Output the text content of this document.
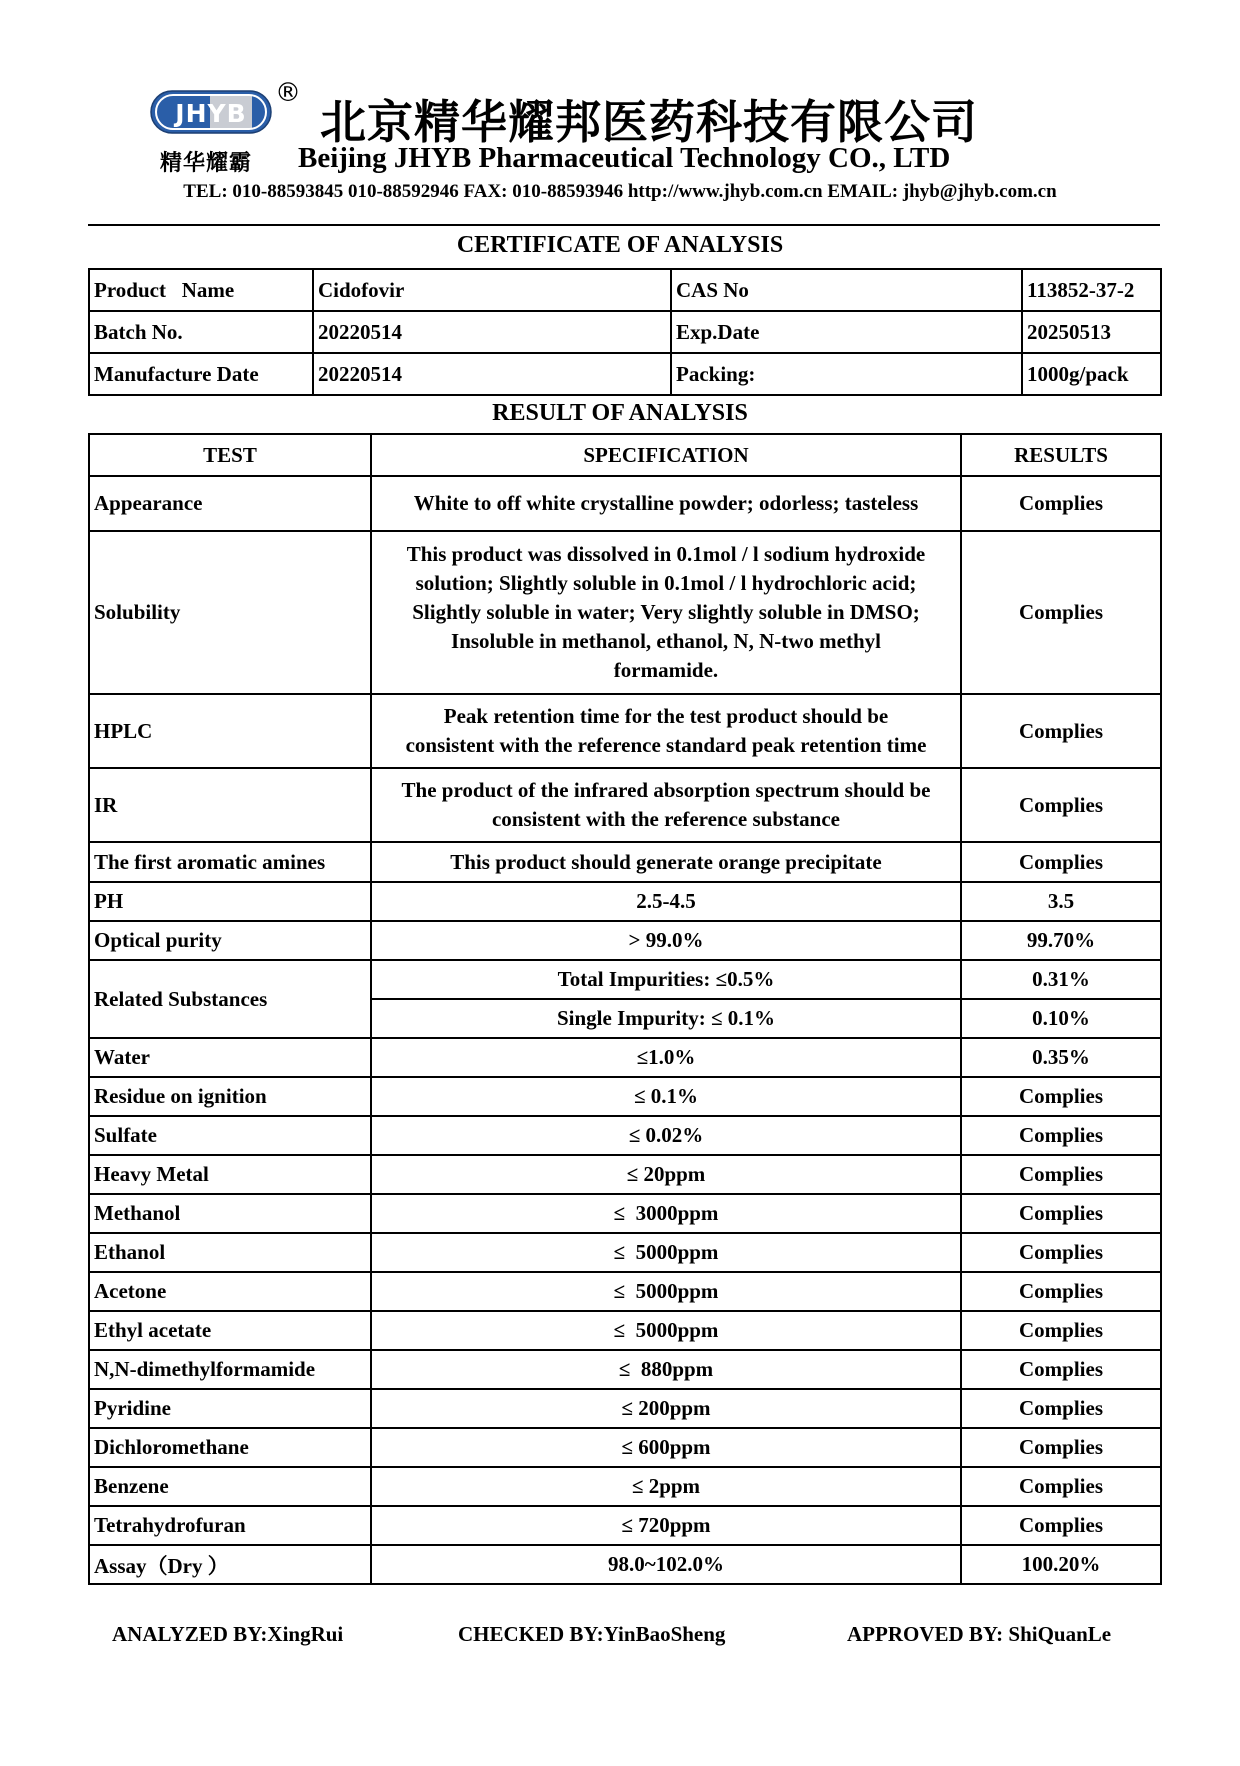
JHYB
®
精华耀霸
北京精华耀邦医药科技有限公司
Beijing JHYB Pharmaceutical Technology CO., LTD
TEL: 010-88593845 010-88592946 FAX: 010-88593946 http://www.jhyb.com.cn EMAIL: jhyb@jhyb.com.cn
CERTIFICATE OF ANALYSIS
Product   Name	Cidofovir	CAS No	113852-37-2
Batch No.	20220514	Exp.Date	20250513
Manufacture Date	20220514	Packing:	1000g/pack
RESULT OF ANALYSIS
TEST	SPECIFICATION	RESULTS
Appearance	White to off white crystalline powder; odorless; tasteless	Complies
Solubility	This product was dissolved in 0.1mol / l sodium hydroxide
solution; Slightly soluble in 0.1mol / l hydrochloric acid;
Slightly soluble in water; Very slightly soluble in DMSO;
Insoluble in methanol, ethanol, N, N-two methyl
formamide.	Complies
HPLC	Peak retention time for the test product should be
consistent with the reference standard peak retention time	Complies
IR	The product of the infrared absorption spectrum should be
consistent with the reference substance	Complies
The first aromatic amines	This product should generate orange precipitate	Complies
PH	2.5-4.5	3.5
Optical purity	> 99.0%	99.70%
Related Substances	Total Impurities: ≤0.5%	0.31%
	Single Impurity: ≤ 0.1%	0.10%
Water	≤1.0%	0.35%
Residue on ignition	≤ 0.1%	Complies
Sulfate	≤ 0.02%	Complies
Heavy Metal	≤ 20ppm	Complies
Methanol	≤  3000ppm	Complies
Ethanol	≤  5000ppm	Complies
Acetone	≤  5000ppm	Complies
Ethyl acetate	≤  5000ppm	Complies
N,N-dimethylformamide	≤  880ppm	Complies
Pyridine	≤ 200ppm	Complies
Dichloromethane	≤ 600ppm	Complies
Benzene	≤ 2ppm	Complies
Tetrahydrofuran	≤ 720ppm	Complies
Assay（Dry ）	98.0~102.0%	100.20%
ANALYZED BY:XingRui	CHECKED BY:YinBaoSheng	APPROVED BY: ShiQuanLe
